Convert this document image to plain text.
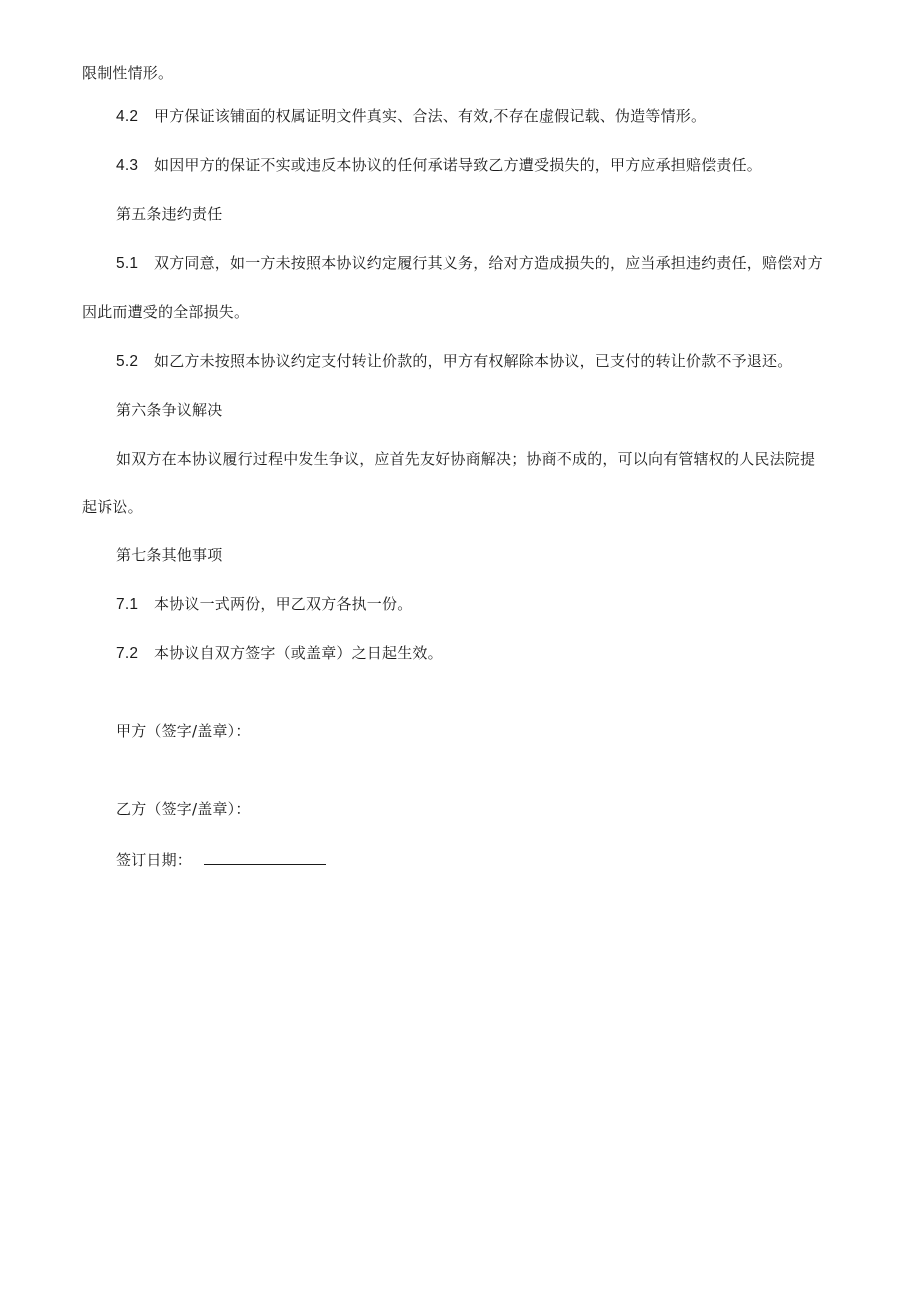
限制性情形。
4.2 甲方保证该铺面的权属证明文件真实、合法、有效,不存在虚假记载、伪造等情形。
4.3 如因甲方的保证不实或违反本协议的任何承诺导致乙方遭受损失的，甲方应承担赔偿责任。
第五条违约责任
5.1 双方同意，如一方未按照本协议约定履行其义务，给对方造成损失的，应当承担违约责任，赔偿对方
因此而遭受的全部损失。
5.2 如乙方未按照本协议约定支付转让价款的，甲方有权解除本协议，已支付的转让价款不予退还。
第六条争议解决
如双方在本协议履行过程中发生争议，应首先友好协商解决；协商不成的，可以向有管辖权的人民法院提
起诉讼。
第七条其他事项
7.1 本协议一式两份，甲乙双方各执一份。
7.2 本协议自双方签字（或盖章）之日起生效。
甲方（签字/盖章）：
乙方（签字/盖章）：
签订日期：
